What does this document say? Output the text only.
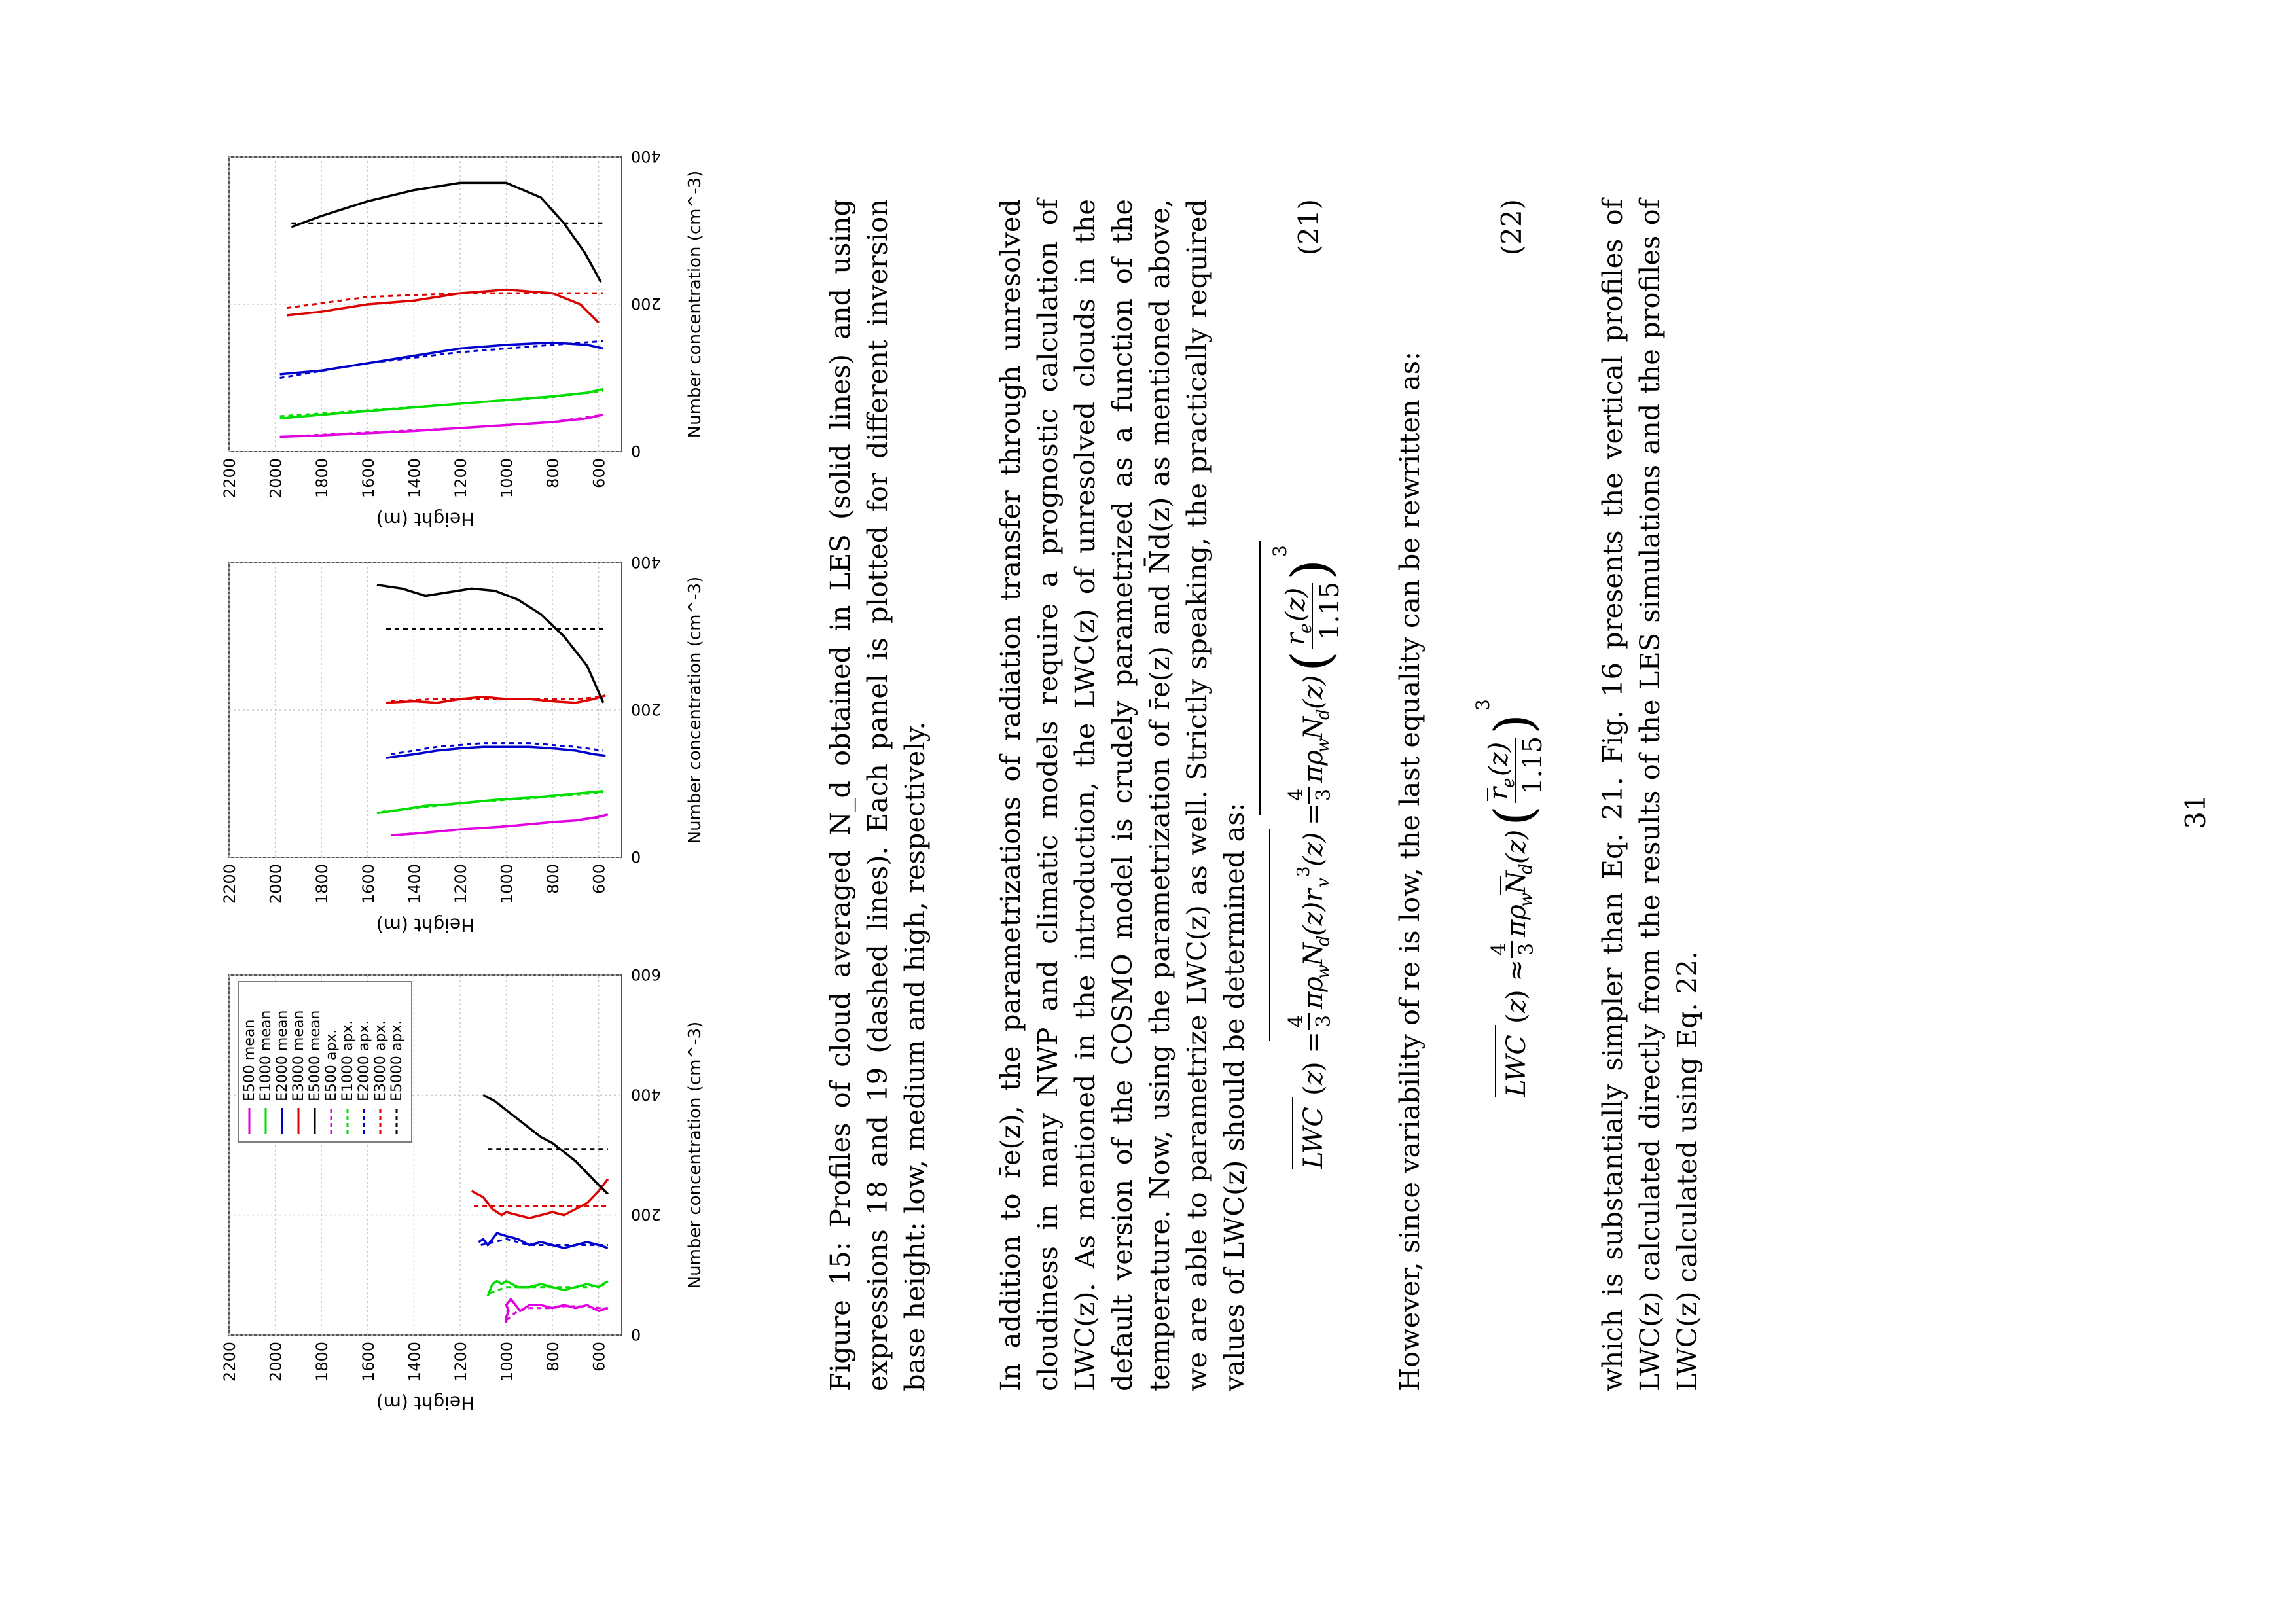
0
200
400
600
600
800
1000
1200
1400
1600
1800
2000
2200
Number concentration (cm^-3)
Height (m)
E500 mean E1000 mean E2000 mean E3000 mean E5000 mean E500 apx. E1000 apx. E2000 apx. E3000 apx. E5000 apx.
0
200
400
600
800
1000
1200
1400
1600
1800
2000
2200
Number concentration (cm^-3)
Height (m)
0
200
400
600
800
1000
1200
1400
1600
1800
2000
2200
Number concentration (cm^-3)
Height (m)

Figure 15: Profiles of cloud averaged N_d obtained in LES (solid lines) and using expressions 18 and 19 (dashed lines). Each panel is plotted for different inversion base height: low, medium and high, respectively. In addition to r̄e(z), the parametrizations of radiation transfer through unresolved cloudiness in many NWP and climatic models require a prognostic calculation of LWC(z). As mentioned in the introduction, the LWC(z) of unresolved clouds in the default version of the COSMO model is crudely parametrized as a function of the temperature. Now, using the parametrization of r̄e(z) and N̄d(z) as mentioned above, we are able to parametrize LWC(z) as well. Strictly speaking, the practically required values of LWC(z) should be determined as: LWC
(
z
) =
4 3
πρ
w
N
d
(z)r
v
3
(z)
=
4 3
πρ
w
N
d
(z)
(
r
e
(z) 1.15
)
3
(21)

However, since variability of re is low, the last equality can be rewritten as:	LWC
(
z
) ≈
4 3
πρ
w
N
d
(z)
(
r
e
(z) 1.15
)
3
(22)	which is substantially simpler than Eq. 21. Fig. 16 presents the vertical profiles of LWC(z) calculated directly from the results of the LES simulations and the profiles of LWC(z) calculated using Eq. 22.

31
